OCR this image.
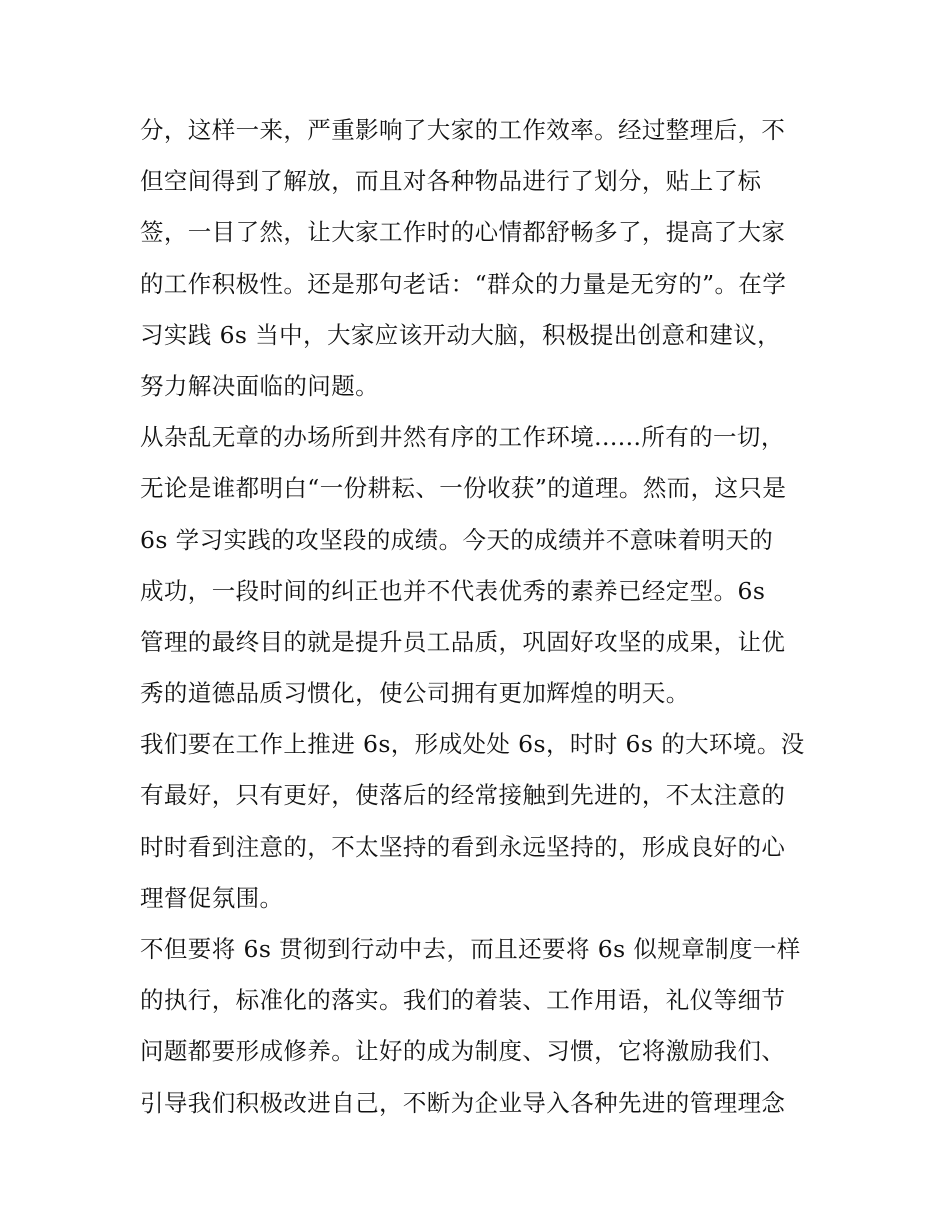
分，这样一来，严重影响了大家的工作效率。经过整理后，不
但空间得到了解放，而且对各种物品进行了划分，贴上了标
签，一目了然，让大家工作时的心情都舒畅多了，提高了大家
的工作积极性。还是那句老话：“群众的力量是无穷的”。在学
习实践 6s 当中，大家应该开动大脑，积极提出创意和建议，
努力解决面临的问题。
从杂乱无章的办场所到井然有序的工作环境......所有的一切，
无论是谁都明白“一份耕耘、一份收获”的道理。然而，这只是
6s 学习实践的攻坚段的成绩。今天的成绩并不意味着明天的
成功，一段时间的纠正也并不代表优秀的素养已经定型。6s
管理的最终目的就是提升员工品质，巩固好攻坚的成果，让优
秀的道德品质习惯化，使公司拥有更加辉煌的明天。
我们要在工作上推进 6s，形成处处 6s，时时 6s 的大环境。没
有最好，只有更好，使落后的经常接触到先进的，不太注意的
时时看到注意的，不太坚持的看到永远坚持的，形成良好的心
理督促氛围。
不但要将 6s 贯彻到行动中去，而且还要将 6s 似规章制度一样
的执行，标准化的落实。我们的着装、工作用语，礼仪等细节
问题都要形成修养。让好的成为制度、习惯，它将激励我们、
引导我们积极改进自己，不断为企业导入各种先进的管理理念
